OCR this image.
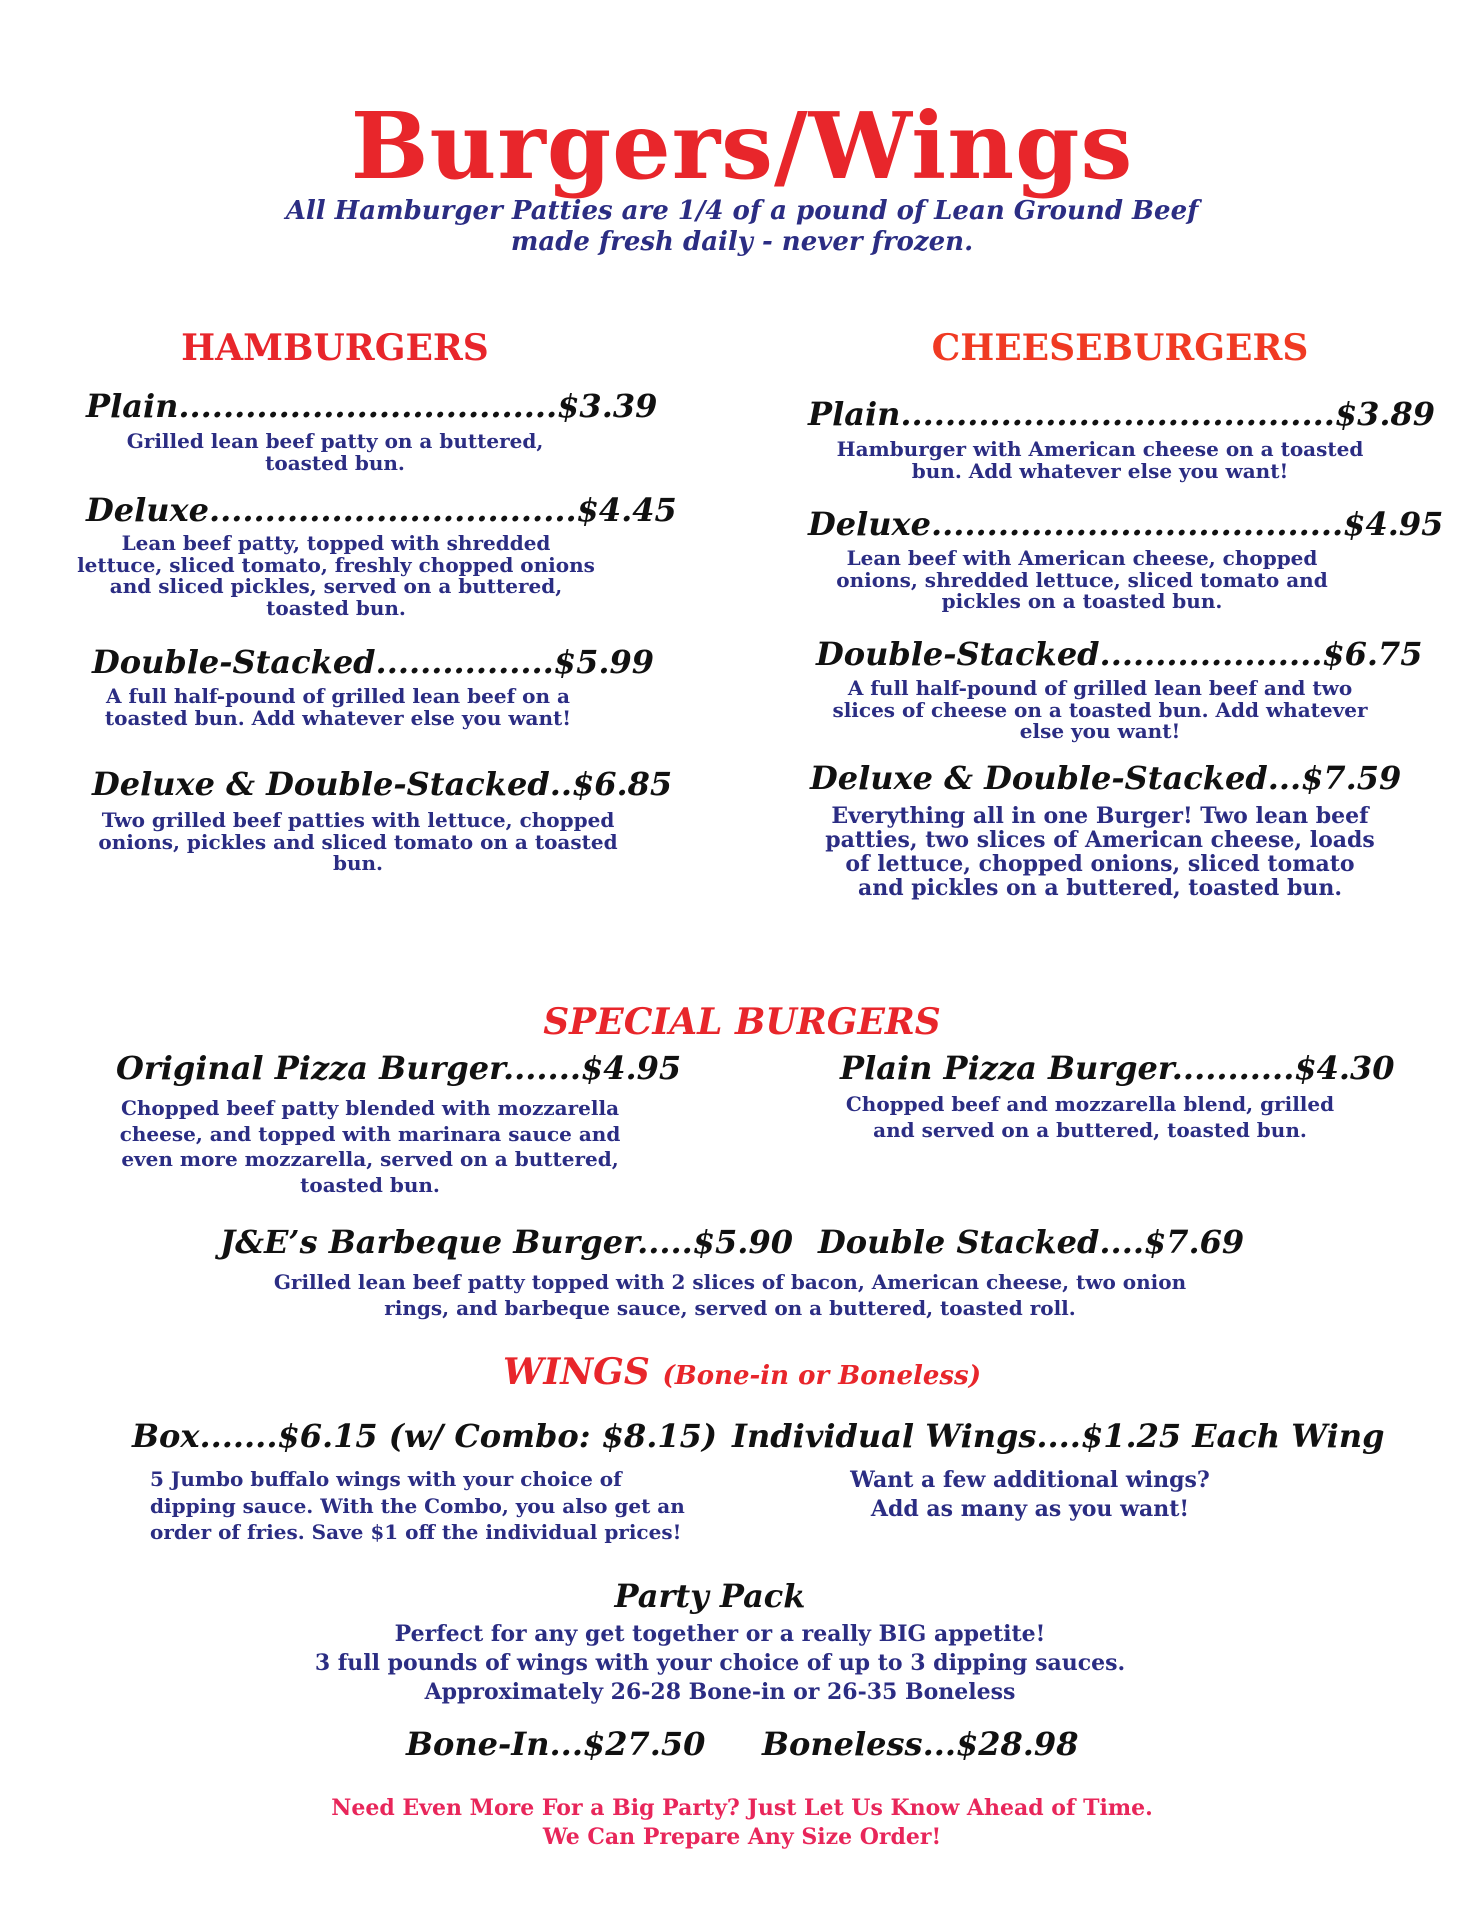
Burgers/Wings
All Hamburger Patties are 1/4 of a pound of Lean Ground Beef
made fresh daily - never frozen.
HAMBURGERS
Plain..................................$3.39
Grilled lean beef patty on a buttered, toasted bun.
Deluxe.................................$4.45
Lean beef patty, topped with shredded lettuce, sliced tomato, freshly chopped onions and sliced pickles, served on a buttered, toasted bun.
Double-Stacked................$5.99
A full half-pound of grilled lean beef on a toasted bun. Add whatever else you want!
Deluxe & Double-Stacked..$6.85
Two grilled beef patties with lettuce, chopped onions, pickles and sliced tomato on a toasted bun.
CHEESEBURGERS
Plain.......................................$3.89
Hamburger with American cheese on a toasted bun. Add whatever else you want!
Deluxe.....................................$4.95
Lean beef with American cheese, chopped onions, shredded lettuce, sliced tomato and pickles on a toasted bun.
Double-Stacked....................$6.75
A full half-pound of grilled lean beef and two slices of cheese on a toasted bun. Add whatever else you want!
Deluxe & Double-Stacked...$7.59
Everything all in one Burger! Two lean beef patties, two slices of American cheese, loads of lettuce, chopped onions, sliced tomato and pickles on a buttered, toasted bun.
SPECIAL BURGERS
Original Pizza Burger.......$4.95
Chopped beef patty blended with mozzarella cheese, and topped with marinara sauce and even more mozzarella, served on a buttered, toasted bun.
Plain Pizza Burger...........$4.30
Chopped beef and mozzarella blend, grilled and served on a buttered, toasted bun.
J&E’s Barbeque Burger.....$5.90 Double Stacked....$7.69
Grilled lean beef patty topped with 2 slices of bacon, American cheese, two onion rings, and barbeque sauce, served on a buttered, toasted roll.
WINGS (Bone-in or Boneless)
Box.......$6.15 (w/ Combo: $8.15)
5 Jumbo buffalo wings with your choice of dipping sauce. With the Combo, you also get an order of fries. Save $1 off the individual prices!
Individual Wings....$1.25 Each Wing
Want a few additional wings?
Add as many as you want!
Party Pack
Perfect for any get together or a really BIG appetite!
3 full pounds of wings with your choice of up to 3 dipping sauces.
Approximately 26-28 Bone-in or 26-35 Boneless
Bone-In...$27.50 Boneless...$28.98
Need Even More For a Big Party? Just Let Us Know Ahead of Time.
We Can Prepare Any Size Order!
